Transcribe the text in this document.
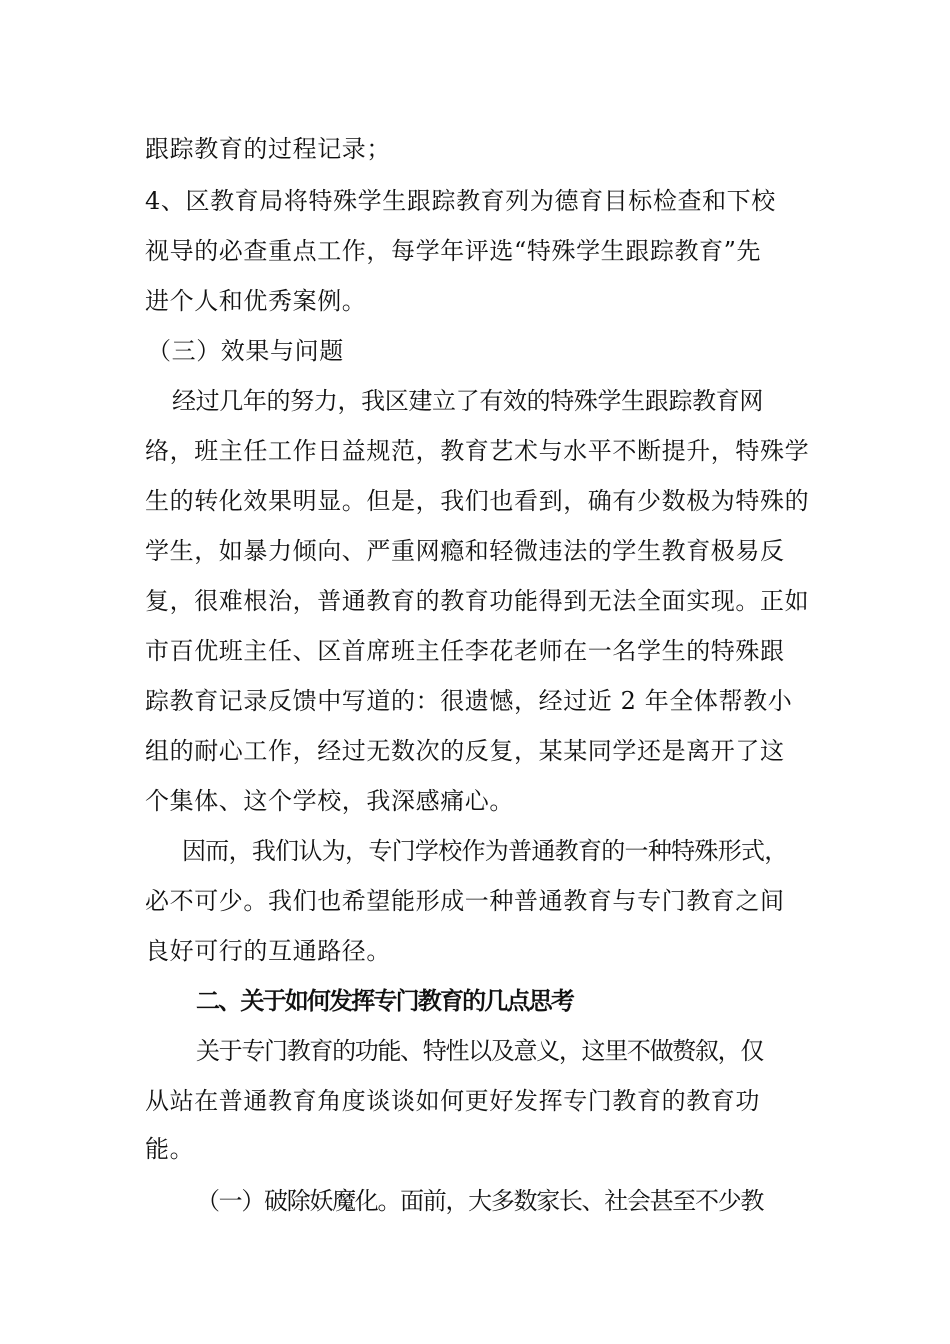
跟踪教育的过程记录；
4、区教育局将特殊学生跟踪教育列为德育目标检查和下校
视导的必查重点工作，每学年评选“特殊学生跟踪教育”先
进个人和优秀案例。
（三）效果与问题
经过几年的努力，我区建立了有效的特殊学生跟踪教育网
络，班主任工作日益规范，教育艺术与水平不断提升，特殊学
生的转化效果明显。但是，我们也看到，确有少数极为特殊的
学生，如暴力倾向、严重网瘾和轻微违法的学生教育极易反
复，很难根治，普通教育的教育功能得到无法全面实现。正如
市百优班主任、区首席班主任李花老师在一名学生的特殊跟
踪教育记录反馈中写道的：很遗憾，经过近 2 年全体帮教小
组的耐心工作，经过无数次的反复，某某同学还是离开了这
个集体、这个学校，我深感痛心。
因而，我们认为，专门学校作为普通教育的一种特殊形式，
必不可少。我们也希望能形成一种普通教育与专门教育之间
良好可行的互通路径。
二、关于如何发挥专门教育的几点思考
关于专门教育的功能、特性以及意义，这里不做赘叙，仅
从站在普通教育角度谈谈如何更好发挥专门教育的教育功
能。
（一）破除妖魔化。面前，大多数家长、社会甚至不少教
